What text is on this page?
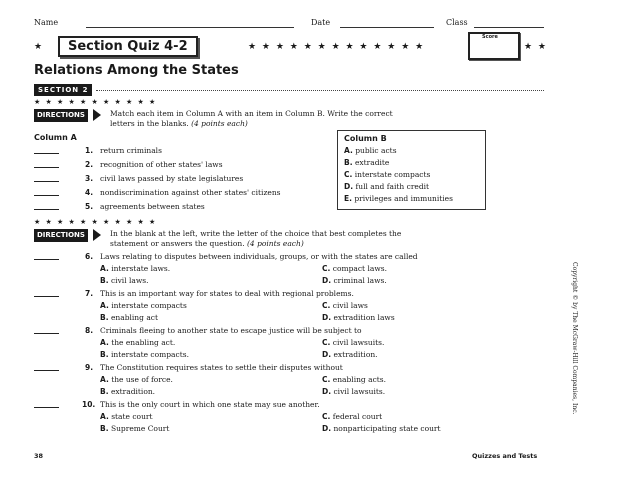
Name	Date	Class
★	Section Quiz 4-2	★ ★ ★ ★ ★ ★ ★ ★ ★ ★ ★ ★ ★
Score
★ ★
Relations Among the States
SECTION 2
★ ★ ★ ★ ★ ★ ★ ★ ★ ★ ★
DIRECTIONS	Match each item in Column A with an item in Column B. Write the correct
letters in the blanks. (4 points each)
Column A
1. return criminals
2. recognition of other states' laws
3. civil laws passed by state legislatures
4. nondiscrimination against other states' citizens
5. agreements between states
Column B
A. public acts
B. extradite
C. interstate compacts
D. full and faith credit
E. privileges and immunities
★ ★ ★ ★ ★ ★ ★ ★ ★ ★ ★
DIRECTIONS	In the blank at the left, write the letter of the choice that best completes the
statement or answers the question. (4 points each)
6. Laws relating to disputes between individuals, groups, or with the states are called
A. interstate laws.	C. compact laws.
B. civil laws.	D. criminal laws.
7. This is an important way for states to deal with regional problems.
A. interstate compacts	C. civil laws
B. enabling act	D. extradition laws
8. Criminals fleeing to another state to escape justice will be subject to
A. the enabling act.	C. civil lawsuits.
B. interstate compacts.	D. extradition.
9. The Constitution requires states to settle their disputes without
A. the use of force.	C. enabling acts.
B. extradition.	D. civil lawsuits.
10. This is the only court in which one state may sue another.
A. state court	C. federal court
B. Supreme Court	D. nonparticipating state court
Copyright © by The McGraw-Hill Companies, Inc.
38	Quizzes and Tests
